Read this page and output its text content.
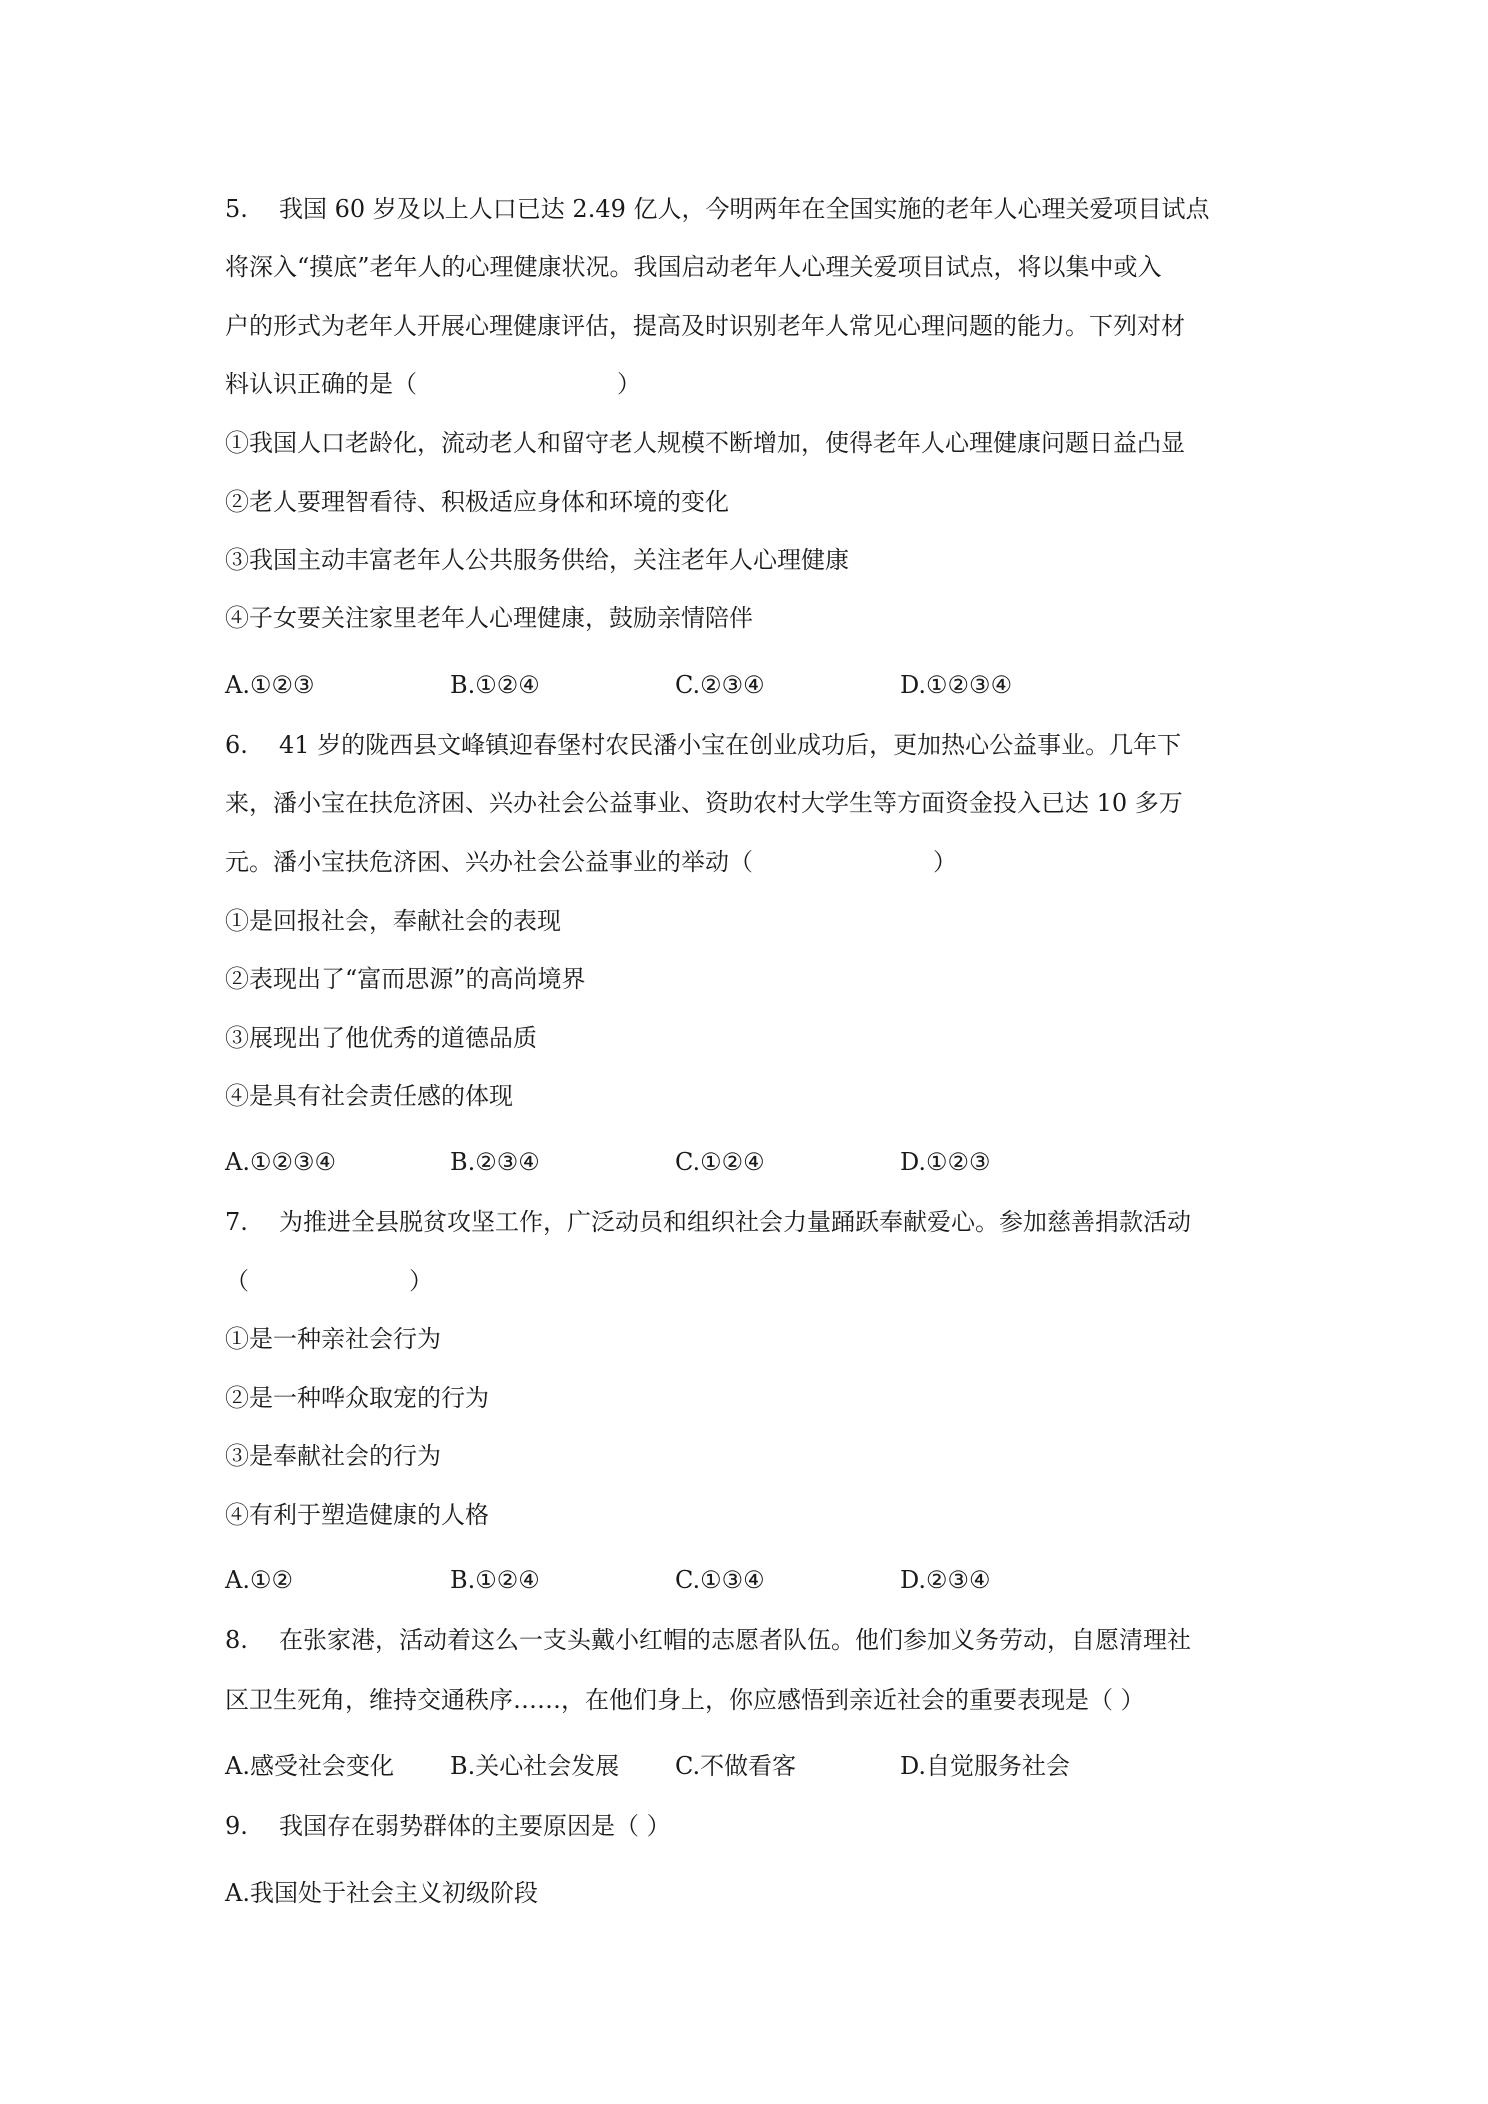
5. 我国 60 岁及以上人口已达 2.49 亿人，今明两年在全国实施的老年人心理关爱项目试点
将深入“摸底”老年人的心理健康状况。我国启动老年人心理关爱项目试点，将以集中或入
户的形式为老年人开展心理健康评估，提高及时识别老年人常见心理问题的能力。下列对材
料认识正确的是（	）
①我国人口老龄化，流动老人和留守老人规模不断增加，使得老年人心理健康问题日益凸显
②老人要理智看待、积极适应身体和环境的变化
③我国主动丰富老年人公共服务供给，关注老年人心理健康
④子女要关注家里老年人心理健康，鼓励亲情陪伴
A.①②③	B.①②④	C.②③④	D.①②③④
6. 41 岁的陇西县文峰镇迎春堡村农民潘小宝在创业成功后，更加热心公益事业。几年下
来，潘小宝在扶危济困、兴办社会公益事业、资助农村大学生等方面资金投入已达 10 多万
元。潘小宝扶危济困、兴办社会公益事业的举动（	）
①是回报社会，奉献社会的表现
②表现出了“富而思源”的高尚境界
③展现出了他优秀的道德品质
④是具有社会责任感的体现
A.①②③④	B.②③④	C.①②④	D.①②③
7. 为推进全县脱贫攻坚工作，广泛动员和组织社会力量踊跃奉献爱心。参加慈善捐款活动
（	）
①是一种亲社会行为
②是一种哗众取宠的行为
③是奉献社会的行为
④有利于塑造健康的人格
A.①②	B.①②④	C.①③④	D.②③④
8. 在张家港，活动着这么一支头戴小红帽的志愿者队伍。他们参加义务劳动，自愿清理社
区卫生死角，维持交通秩序……，在他们身上，你应感悟到亲近社会的重要表现是（ ）
A.感受社会变化 B.关心社会发展 C.不做看客	D.自觉服务社会
9. 我国存在弱势群体的主要原因是（ ）
A.我国处于社会主义初级阶段
